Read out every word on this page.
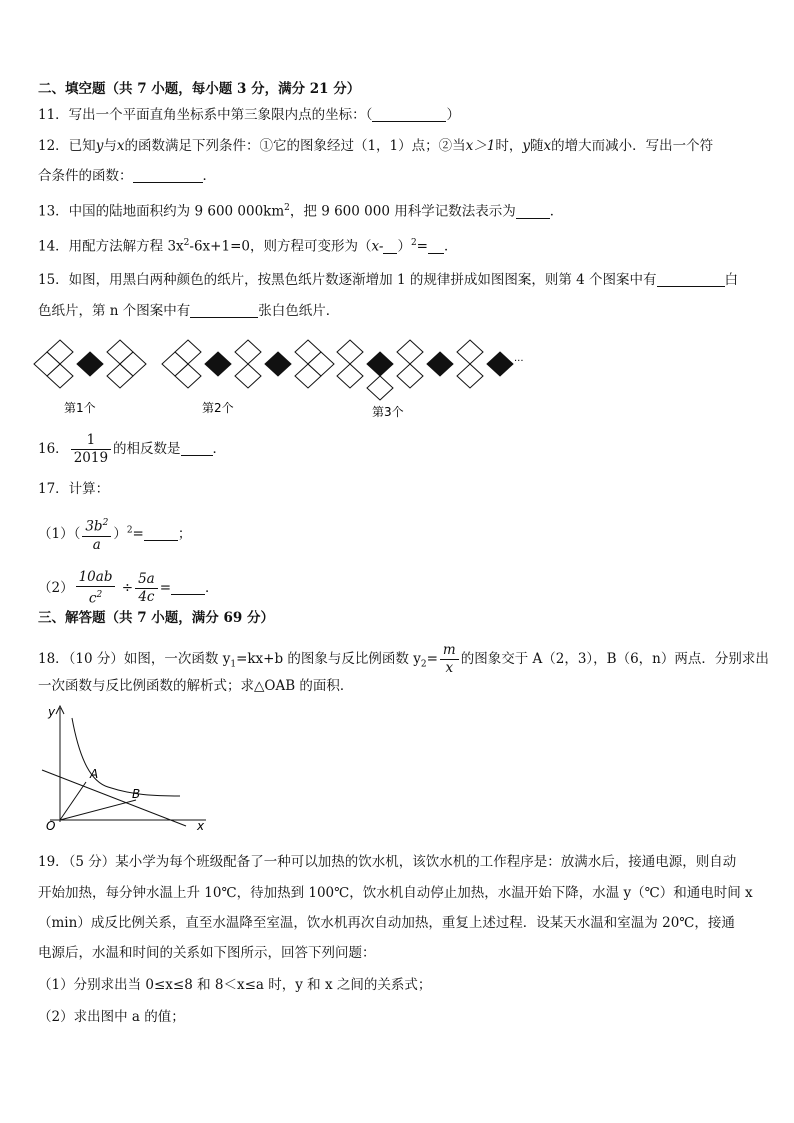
二、填空题（共 7 小题，每小题 3 分，满分 21 分）
11．写出一个平面直角坐标系中第三象限内点的坐标：（	）
12．已知y与x的函数满足下列条件：①它的图象经过（1，1）点；②当x＞1时，y随x的增大而减小．写出一个符
合条件的函数：	．
13．中国的陆地面积约为 9 600 $000km^2$，把 9 600 000 用科学记数法表示为	．
14．用配方法解方程 $3x^2-6x+1=0$，则方程可变形为（x- ）$^2$= ．
15．如图，用黑白两种颜色的纸片，按黑色纸片数逐渐增加 1 的规律拼成如图图案，则第 4 个图案中有	白
色纸片，第 n 个图案中有	张白色纸片．
第1个	第2个	第3个
···
16． $\frac{1}{2019}$ 的相反数是 ．
17．计算：
$(1)( \frac{3b^2}{a} )^2=$	；
$(2) \frac{10ab}{c^2} \div \frac{5a}{4c}$ =	．
三、解答题（共 7 小题，满分 69 分）
18．（10 分）如图，一次函数 $y_1=kx+b$ 的图象与反比例函数 $y_2= \frac{m}{x}$ 的图象交于 A（2，3），B（6，n）两点．分别求出
一次函数与反比例函数的解析式；求△OAB 的面积．
y
x
O
A
B
19．（5 分）某小学为每个班级配备了一种可以加热的饮水机，该饮水机的工作程序是：放满水后，接通电源，则自动
开始加热，每分钟水温上升 10℃，待加热到 100℃，饮水机自动停止加热，水温开始下降，水温 y（℃）和通电时间 x
（min）成反比例关系，直至水温降至室温，饮水机再次自动加热，重复上述过程．设某天水温和室温为 20℃，接通
电源后，水温和时间的关系如下图所示，回答下列问题：
（1）分别求出当 0≤x≤8 和 8＜x≤a 时，y 和 x 之间的关系式；
（2）求出图中 a 的值；
